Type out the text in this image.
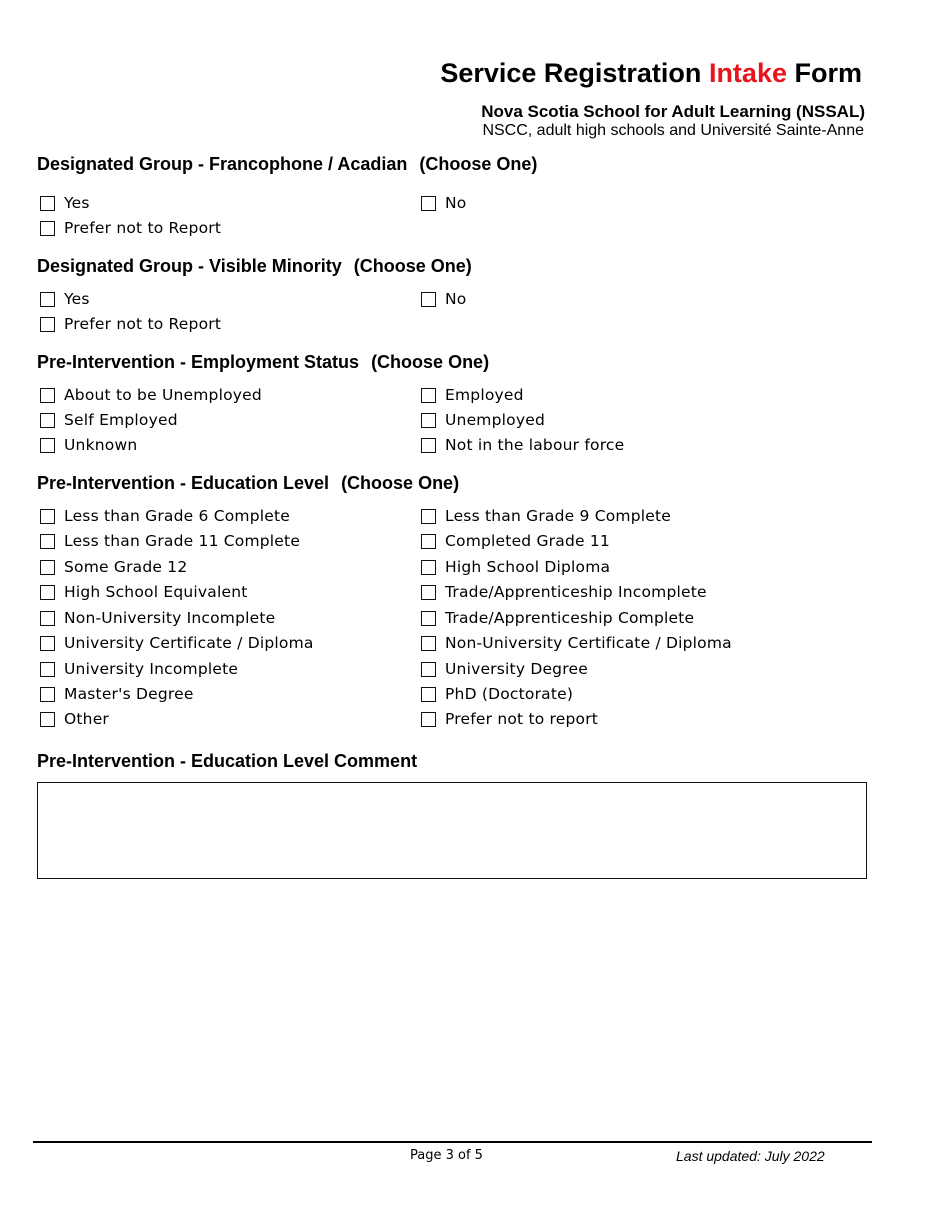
Service Registration Intake Form
Nova Scotia School for Adult Learning (NSSAL)
NSCC, adult high schools and Université Sainte-Anne
Designated Group - Francophone / Acadian (Choose One)
Yes	No
Prefer not to Report
Designated Group - Visible Minority (Choose One)
Yes	No
Prefer not to Report
Pre-Intervention - Employment Status (Choose One)
About to be Unemployed	Employed
Self Employed	Unemployed
Unknown	Not in the labour force
Pre-Intervention - Education Level (Choose One)
Less than Grade 6 Complete	Less than Grade 9 Complete
Less than Grade 11 Complete	Completed Grade 11
Some Grade 12	High School Diploma
High School Equivalent	Trade/Apprenticeship Incomplete
Non-University Incomplete	Trade/Apprenticeship Complete
University Certificate / Diploma	Non-University Certificate / Diploma
University Incomplete	University Degree
Master's Degree	PhD (Doctorate)
Other	Prefer not to report
Pre-Intervention - Education Level Comment
Page 3 of 5	Last updated: July 2022
